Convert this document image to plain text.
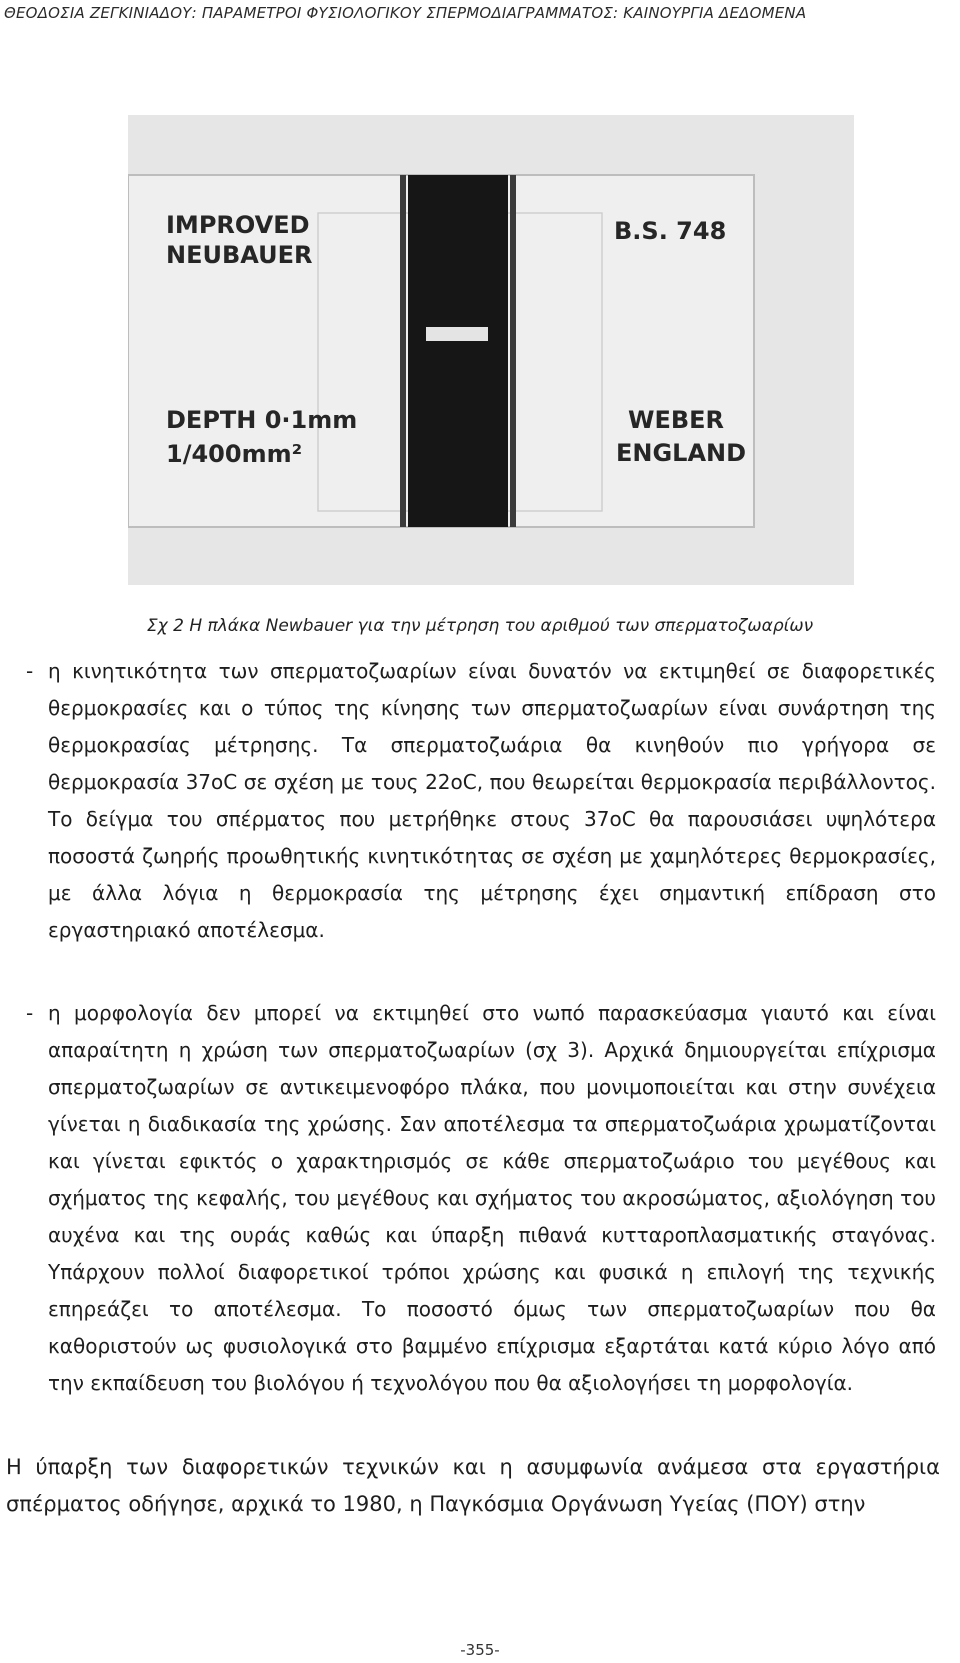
ΘΕΟΔΟΣΙΑ ΖΕΓΚΙΝΙΑΔΟΥ: ΠΑΡΑΜΕΤΡΟΙ ΦΥΣΙΟΛΟΓΙΚΟΥ ΣΠΕΡΜΟΔΙΑΓΡΑΜΜΑΤΟΣ: ΚΑΙΝΟΥΡΓΙΑ ΔΕΔΟΜΕΝΑ
IMPROVED
NEUBAUER
B.S. 748
DEPTH 0·1mm
1/400mm²
WEBER
ENGLAND
Σχ 2 Η πλάκα Newbauer για την μέτρηση του αριθμού των σπερματοζωαρίων
- η κινητικότητα των σπερματοζωαρίων είναι δυνατόν να εκτιμηθεί σε διαφορετικές θερμοκρασίες και ο τύπος της κίνησης των σπερματοζωαρίων είναι συνάρτηση της θερμοκρασίας μέτρησης. Τα σπερματοζωάρια θα κινηθούν πιο γρήγορα σε θερμοκρασία 37oC σε σχέση με τους 22oC, που θεωρείται θερμοκρασία περιβάλλοντος. Το δείγμα του σπέρματος που μετρήθηκε στους 37oC θα παρουσιάσει υψηλότερα ποσοστά ζωηρής προωθητικής κινητικότητας σε σχέση με χαμηλότερες θερμοκρασίες, με άλλα λόγια η θερμοκρασία της μέτρησης έχει σημαντική επίδραση στο εργαστηριακό αποτέλεσμα.
- η μορφολογία δεν μπορεί να εκτιμηθεί στο νωπό παρασκεύασμα γιαυτό και είναι απαραίτητη η χρώση των σπερματοζωαρίων (σχ 3). Αρχικά δημιουργείται επίχρισμα σπερματοζωαρίων σε αντικειμενοφόρο πλάκα, που μονιμοποιείται και στην συνέχεια γίνεται η διαδικασία της χρώσης. Σαν αποτέλεσμα τα σπερματοζωάρια χρωματίζονται και γίνεται εφικτός ο χαρακτηρισμός σε κάθε σπερματοζωάριο του μεγέθους και σχήματος της κεφαλής, του μεγέθους και σχήματος του ακροσώματος, αξιολόγηση του αυχένα και της ουράς καθώς και ύπαρξη πιθανά κυτταροπλασματικής σταγόνας. Υπάρχουν πολλοί διαφορετικοί τρόποι χρώσης και φυσικά η επιλογή της τεχνικής επηρεάζει το αποτέλεσμα. Το ποσοστό όμως των σπερματοζωαρίων που θα καθοριστούν ως φυσιολογικά στο βαμμένο επίχρισμα εξαρτάται κατά κύριο λόγο από την εκπαίδευση του βιολόγου ή τεχνολόγου που θα αξιολογήσει τη μορφολογία.
Η ύπαρξη των διαφορετικών τεχνικών και η ασυμφωνία ανάμεσα στα εργαστήρια σπέρματος οδήγησε, αρχικά το 1980, η Παγκόσμια Οργάνωση Υγείας (ΠΟΥ) στην
-355-
